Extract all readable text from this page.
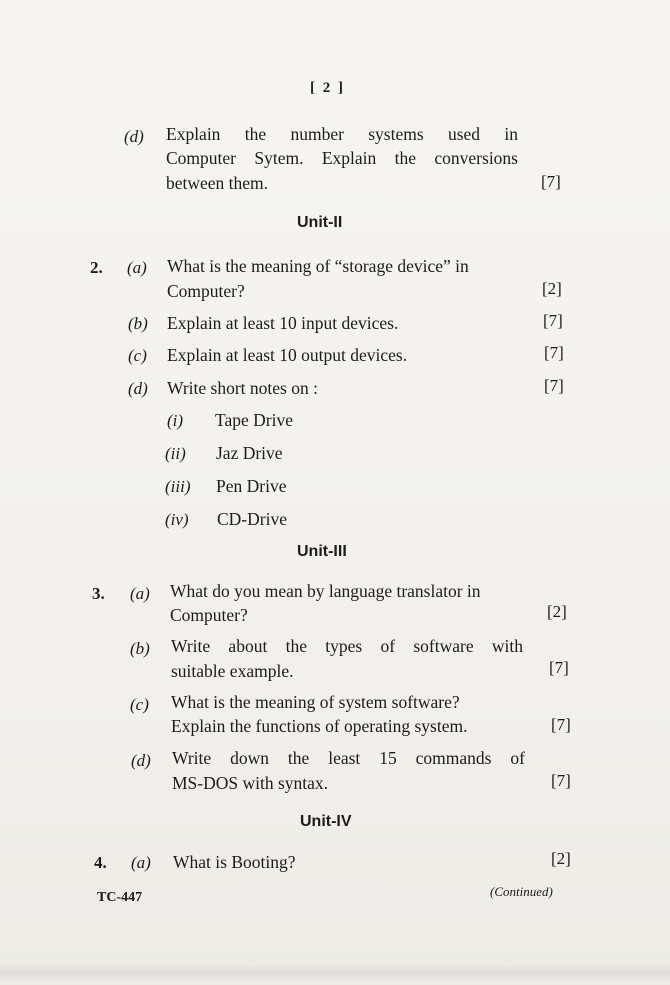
[ 2 ]
(d) Explain the number systems used in
Computer Sytem. Explain the conversions
between them.	[7]
Unit-II
2. (a) What is the meaning of “storage device” in
Computer?	[2]
(b) Explain at least 10 input devices.	[7]
(c) Explain at least 10 output devices.	[7]
(d) Write short notes on :	[7]
(i) Tape Drive
(ii) Jaz Drive
(iii) Pen Drive
(iv) CD-Drive
Unit-III
3. (a) What do you mean by language translator in
Computer?	[2]
(b) Write about the types of software with
suitable example.	[7]
(c) What is the meaning of system software?
Explain the functions of operating system.	[7]
(d) Write down the least 15 commands of
MS-DOS with syntax.	[7]
Unit-IV
4. (a) What is Booting?	[2]
TC-447	(Continued)
